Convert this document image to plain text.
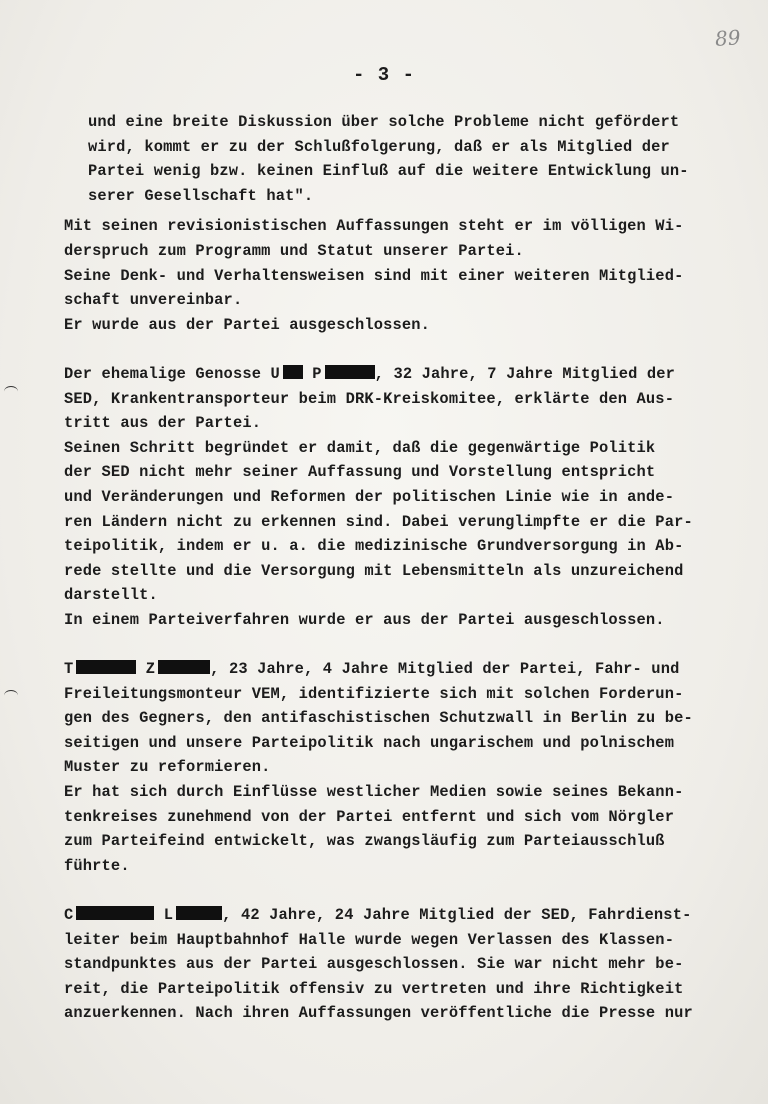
89
- 3 -
und eine breite Diskussion über solche Probleme nicht gefördert
wird, kommt er zu der Schlußfolgerung, daß er als Mitglied der
Partei wenig bzw. keinen Einfluß auf die weitere Entwicklung un-
serer Gesellschaft hat".
Mit seinen revisionistischen Auffassungen steht er im völligen Wi-
derspruch zum Programm und Statut unserer Partei.
Seine Denk- und Verhaltensweisen sind mit einer weiteren Mitglied-
schaft unvereinbar.
Er wurde aus der Partei ausgeschlossen.
Der ehemalige Genosse U P	, 32 Jahre, 7 Jahre Mitglied der
SED, Krankentransporteur beim DRK-Kreiskomitee, erklärte den Aus-
tritt aus der Partei.
Seinen Schritt begründet er damit, daß die gegenwärtige Politik
der SED nicht mehr seiner Auffassung und Vorstellung entspricht
und Veränderungen und Reformen der politischen Linie wie in ande-
ren Ländern nicht zu erkennen sind. Dabei verunglimpfte er die Par-
teipolitik, indem er u. a. die medizinische Grundversorgung in Ab-
rede stellte und die Versorgung mit Lebensmitteln als unzureichend
darstellt.
In einem Parteiverfahren wurde er aus der Partei ausgeschlossen.
T	Z	, 23 Jahre, 4 Jahre Mitglied der Partei, Fahr- und
Freileitungsmonteur VEM, identifizierte sich mit solchen Forderun-
gen des Gegners, den antifaschistischen Schutzwall in Berlin zu be-
seitigen und unsere Parteipolitik nach ungarischem und polnischem
Muster zu reformieren.
Er hat sich durch Einflüsse westlicher Medien sowie seines Bekann-
tenkreises zunehmend von der Partei entfernt und sich vom Nörgler
zum Parteifeind entwickelt, was zwangsläufig zum Parteiausschluß
führte.
C	L	, 42 Jahre, 24 Jahre Mitglied der SED, Fahrdienst-
leiter beim Hauptbahnhof Halle wurde wegen Verlassen des Klassen-
standpunktes aus der Partei ausgeschlossen. Sie war nicht mehr be-
reit, die Parteipolitik offensiv zu vertreten und ihre Richtigkeit
anzuerkennen. Nach ihren Auffassungen veröffentliche die Presse nur
